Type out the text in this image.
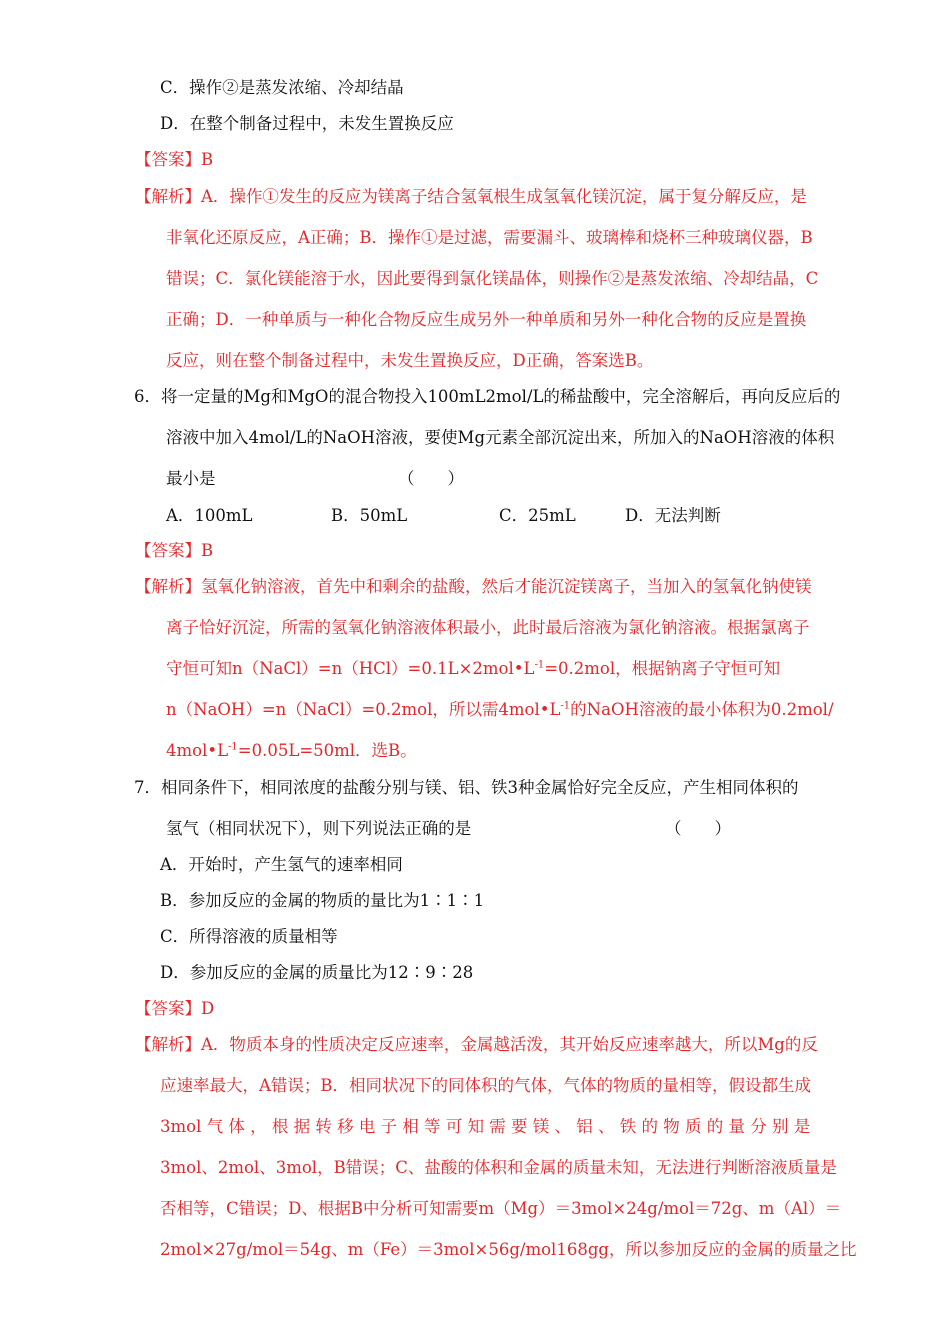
C．操作②是蒸发浓缩、冷却结晶
D．在整个制备过程中，未发生置换反应
【答案】B
【解析】A．操作①发生的反应为镁离子结合氢氧根生成氢氧化镁沉淀，属于复分解反应，是
非氧化还原反应，A正确；B．操作①是过滤，需要漏斗、玻璃棒和烧杯三种玻璃仪器，B
错误；C．氯化镁能溶于水，因此要得到氯化镁晶体，则操作②是蒸发浓缩、冷却结晶，C
正确；D．一种单质与一种化合物反应生成另外一种单质和另外一种化合物的反应是置换
反应，则在整个制备过程中，未发生置换反应，D正确，答案选B。
6．将一定量的Mg和MgO的混合物投入100mL2mol/L的稀盐酸中，完全溶解后，再向反应后的
溶液中加入4mol/L的NaOH溶液，要使Mg元素全部沉淀出来，所加入的NaOH溶液的体积
最小是	（　　）
A．100mL	B．50mL	C．25mL	D．无法判断
【答案】B
【解析】氢氧化钠溶液，首先中和剩余的盐酸，然后才能沉淀镁离子，当加入的氢氧化钠使镁
离子恰好沉淀，所需的氢氧化钠溶液体积最小，此时最后溶液为氯化钠溶液。根据氯离子
守恒可知$n(NaCl)=n(HCl)=0.1L\times 2mol•L^{-1}=0.2mol$，根据钠离子守恒可知
n（NaOH）=n（NaCl）=0.2mol，所以需$4mol•L^{-1}$的NaOH溶液的最小体积为0.2mol/
$4mol•L^{-1}=0.05L=50ml$．选B。
7．相同条件下，相同浓度的盐酸分别与镁、铝、铁3种金属恰好完全反应，产生相同体积的
氢气（相同状况下），则下列说法正确的是	（　　）
A．开始时，产生氢气的速率相同
B．参加反应的金属的物质的量比为1∶1∶1
C．所得溶液的质量相等
D．参加反应的金属的质量比为12∶9∶28
【答案】D
【解析】A．物质本身的性质决定反应速率，金属越活泼，其开始反应速率越大，所以Mg的反
应速率最大，A错误；B．相同状况下的同体积的气体，气体的物质的量相等，假设都生成
3mol 气 体 ， 根 据 转 移 电 子 相 等 可 知 需 要 镁 、 铝 、 铁 的 物 质 的 量 分 别 是
3mol、2mol、3mol，B错误；C、盐酸的体积和金属的质量未知，无法进行判断溶液质量是
否相等，C错误；D、根据B中分析可知需要m（Mg）＝3mol×24g/mol＝72g、m（Al）＝
2mol×27g/mol＝54g、m（Fe）＝3mol×56g/mol168gg，所以参加反应的金属的质量之比
